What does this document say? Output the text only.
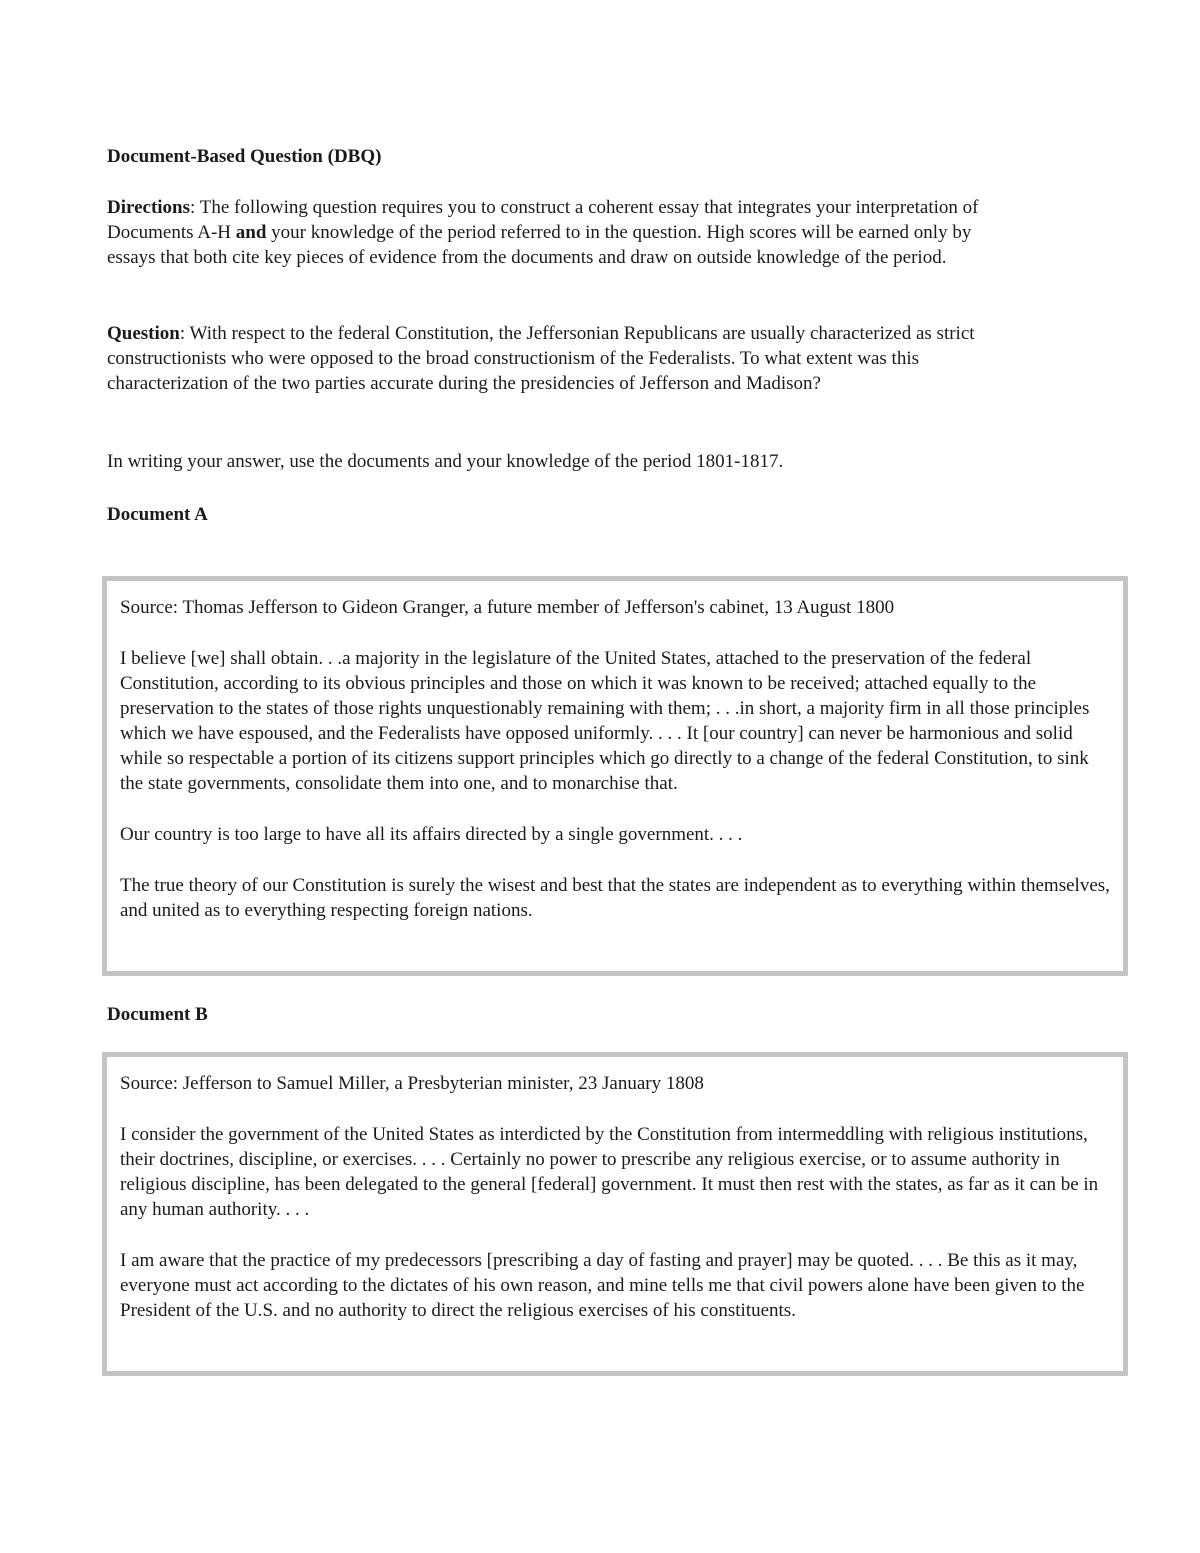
Document-Based Question (DBQ)

Directions: The following question requires you to construct a coherent essay that integrates your interpretation of Documents A-H and your knowledge of the period referred to in the question. High scores will be earned only by essays that both cite key pieces of evidence from the documents and draw on outside knowledge of the period.

Question: With respect to the federal Constitution, the Jeffersonian Republicans are usually characterized as strict constructionists who were opposed to the broad constructionism of the Federalists. To what extent was this characterization of the two parties accurate during the presidencies of Jefferson and Madison?

In writing your answer, use the documents and your knowledge of the period 1801-1817.

Document A

Source: Thomas Jefferson to Gideon Granger, a future member of Jefferson's cabinet, 13 August 1800

I believe [we] shall obtain. . .a majority in the legislature of the United States, attached to the preservation of the federal Constitution, according to its obvious principles and those on which it was known to be received; attached equally to the preservation to the states of those rights unquestionably remaining with them; . . .in short, a majority firm in all those principles which we have espoused, and the Federalists have opposed uniformly. . . . It [our country] can never be harmonious and solid while so respectable a portion of its citizens support principles which go directly to a change of the federal Constitution, to sink the state governments, consolidate them into one, and to monarchise that.

Our country is too large to have all its affairs directed by a single government. . . .

The true theory of our Constitution is surely the wisest and best that the states are independent as to everything within themselves, and united as to everything respecting foreign nations.

Document B

Source: Jefferson to Samuel Miller, a Presbyterian minister, 23 January 1808

I consider the government of the United States as interdicted by the Constitution from intermeddling with religious institutions, their doctrines, discipline, or exercises. . . . Certainly no power to prescribe any religious exercise, or to assume authority in religious discipline, has been delegated to the general [federal] government. It must then rest with the states, as far as it can be in any human authority. . . .

I am aware that the practice of my predecessors [prescribing a day of fasting and prayer] may be quoted. . . . Be this as it may, everyone must act according to the dictates of his own reason, and mine tells me that civil powers alone have been given to the President of the U.S. and no authority to direct the religious exercises of his constituents.
